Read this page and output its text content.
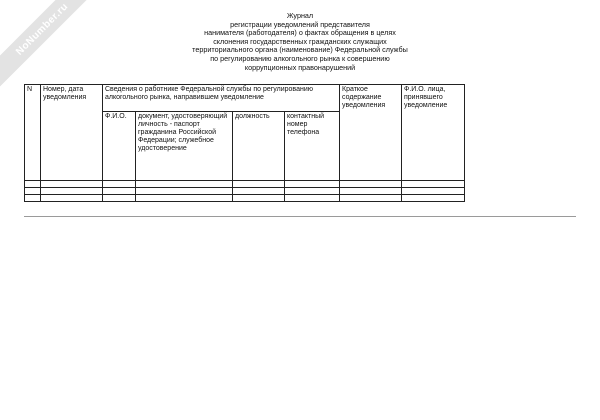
NoNumber.ru	Журнал
регистрации уведомлений представителя
нанимателя (работодателя) о фактах обращения в целях
склонения государственных гражданских служащих
территориального органа (наименование) Федеральной службы
по регулированию алкогольного рынка к совершению
коррупционных правонарушений
N	Номер, дата уведомления	Сведения о работнике Федеральной службы по регулированию алкогольного рынка, направившем уведомление				Краткое содержание уведомления	Ф.И.О. лица, принявшего уведомление
		Ф.И.О.	документ, удостоверяющий личность - паспорт гражданина Российской Федерации; служебное удостоверение	должность	контактный номер телефона		
